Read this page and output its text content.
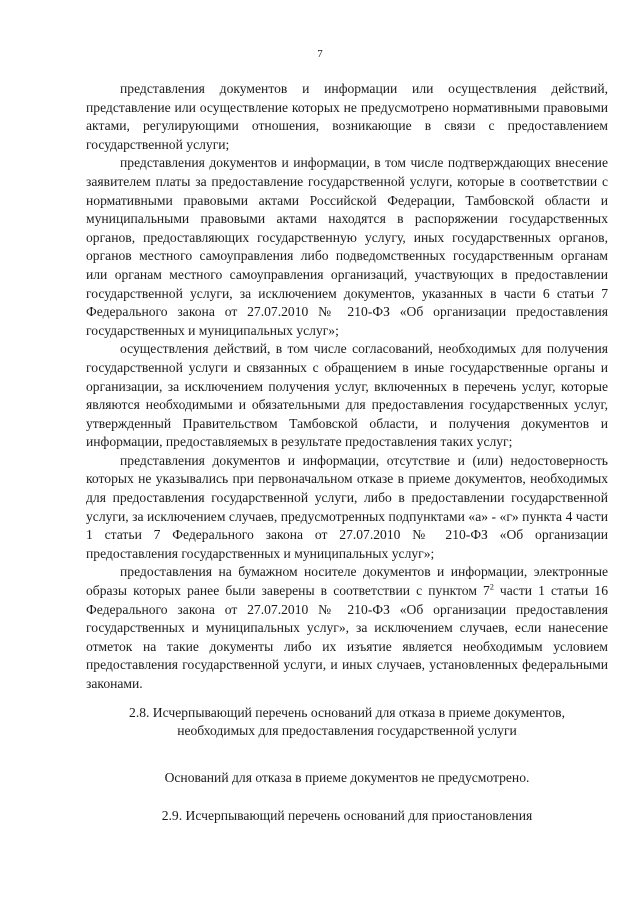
7

представления документов и информации или осуществления действий, представление или осуществление которых не предусмотрено нормативными правовыми актами, регулирующими отношения, возникающие в связи с предоставлением государственной услуги;

представления документов и информации, в том числе подтверждающих внесение заявителем платы за предоставление государственной услуги, которые в соответствии с нормативными правовыми актами Российской Федерации, Тамбовской области и муниципальными правовыми актами находятся в распоряжении государственных органов, предоставляющих государственную услугу, иных государственных органов, органов местного самоуправления либо подведомственных государственным органам или органам местного самоуправления организаций, участвующих в предоставлении государственной услуги, за исключением документов, указанных в части 6 статьи 7 Федерального закона от 27.07.2010 № 210-ФЗ «Об организации предоставления государственных и муниципальных услуг»;

осуществления действий, в том числе согласований, необходимых для получения государственной услуги и связанных с обращением в иные государственные органы и организации, за исключением получения услуг, включенных в перечень услуг, которые являются необходимыми и обязательными для предоставления государственных услуг, утвержденный Правительством Тамбовской области, и получения документов и информации, предоставляемых в результате предоставления таких услуг;

представления документов и информации, отсутствие и (или) недостоверность которых не указывались при первоначальном отказе в приеме документов, необходимых для предоставления государственной услуги, либо в предоставлении государственной услуги, за исключением случаев, предусмотренных подпунктами «а» - «г» пункта 4 части 1 статьи 7 Федерального закона от 27.07.2010 № 210-ФЗ «Об организации предоставления государственных и муниципальных услуг»;

предоставления на бумажном носителе документов и информации, электронные образы которых ранее были заверены в соответствии с пунктом $7^2$ части 1 статьи 16 Федерального закона от 27.07.2010 № 210-ФЗ «Об организации предоставления государственных и муниципальных услуг», за исключением случаев, если нанесение отметок на такие документы либо их изъятие является необходимым условием предоставления государственной услуги, и иных случаев, установленных федеральными законами.

2.8. Исчерпывающий перечень оснований для отказа в приеме документов,
необходимых для предоставления государственной услуги

Оснований для отказа в приеме документов не предусмотрено.

2.9. Исчерпывающий перечень оснований для приостановления
